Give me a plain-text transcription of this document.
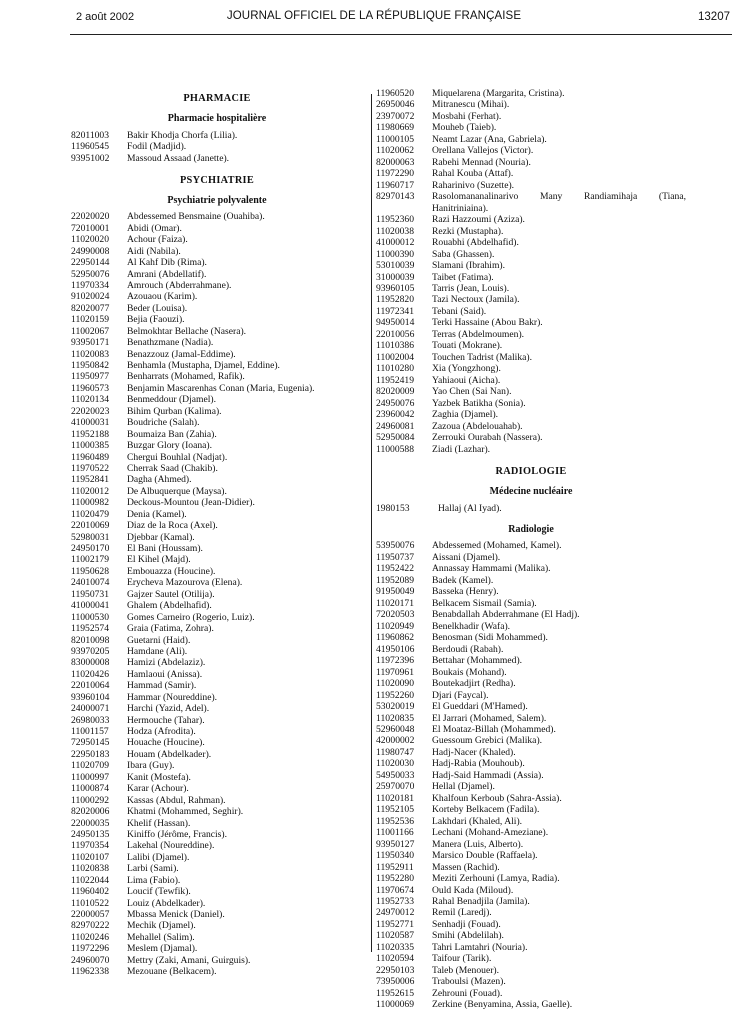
2 août 2002	JOURNAL OFFICIEL DE LA RÉPUBLIQUE FRANÇAISE	13207
PHARMACIE
Pharmacie hospitalière
82011003	Bakir Khodja Chorfa (Lilia).
11960545	Fodil (Madjid).
93951002	Massoud Assaad (Janette).
PSYCHIATRIE
Psychiatrie polyvalente
22020020	Abdessemed Bensmaine (Ouahiba).
72010001	Abidi (Omar).
11020020	Achour (Faiza).
24990008	Aidi (Nabila).
22950144	Al Kahf Dib (Rima).
52950076	Amrani (Abdellatif).
11970334	Amrouch (Abderrahmane).
91020024	Azouaou (Karim).
82020077	Beder (Louisa).
11020159	Bejia (Faouzi).
11002067	Belmokhtar Bellache (Nasera).
93950171	Benathzmane (Nadia).
11020083	Benazzouz (Jamal-Eddime).
11950842	Benhamla (Mustapha, Djamel, Eddine).
11950977	Benharrats (Mohamed, Rafik).
11960573	Benjamin Mascarenhas Conan (Maria, Eugenia).
11020134	Benmeddour (Djamel).
22020023	Bihim Qurban (Kalima).
41000031	Boudriche (Salah).
11952188	Boumaiza Ban (Zahia).
11000385	Buzgar Glory (Ioana).
11960489	Chergui Bouhlal (Nadjat).
11970522	Cherrak Saad (Chakib).
11952841	Dagha (Ahmed).
11020012	De Albuquerque (Maysa).
11000982	Deckous-Mountou (Jean-Didier).
11020479	Denia (Kamel).
22010069	Diaz de la Roca (Axel).
52980031	Djebbar (Kamal).
24950170	El Bani (Houssam).
11002179	El Kihel (Majd).
11950628	Embouazza (Houcine).
24010074	Erycheva Mazourova (Elena).
11950731	Gajzer Sautel (Otilija).
41000041	Ghalem (Abdelhafid).
11000530	Gomes Carneiro (Rogerio, Luiz).
11952574	Graia (Fatima, Zohra).
82010098	Guetarni (Haid).
93970205	Hamdane (Ali).
83000008	Hamizi (Abdelaziz).
11020426	Hamlaoui (Anissa).
22010064	Hammad (Samir).
93960104	Hammar (Noureddine).
24000071	Harchi (Yazid, Adel).
26980033	Hermouche (Tahar).
11001157	Hodza (Afrodita).
72950145	Houache (Houcine).
22950183	Houam (Abdelkader).
11020709	Ibara (Guy).
11000997	Kanit (Mostefa).
11000874	Karar (Achour).
11000292	Kassas (Abdul, Rahman).
82020006	Khatmi (Mohammed, Seghir).
22000035	Khelif (Hassan).
24950135	Kiniffo (Jérôme, Francis).
11970354	Lakehal (Noureddine).
11020107	Lalibi (Djamel).
11020838	Larbi (Sami).
11022044	Lima (Fabio).
11960402	Loucif (Tewfik).
11010522	Louiz (Abdelkader).
22000057	Mbassa Menick (Daniel).
82970222	Mechik (Djamel).
11020246	Mehallel (Salim).
11972296	Meslem (Djamal).
24960070	Mettry (Zaki, Amani, Guirguis).
11962338	Mezouane (Belkacem).
11960520	Miquelarena (Margarita, Cristina).
26950046	Mitranescu (Mihai).
23970072	Mosbahi (Ferhat).
11980669	Mouheb (Taieb).
11000105	Neamt Lazar (Ana, Gabriela).
11020062	Orellana Vallejos (Victor).
82000063	Rabehi Mennad (Nouria).
11972290	Rahal Kouba (Attaf).
11960717	Raharinivo (Suzette).
82970143	Rasolomananalinarivo Many Randiamihaja (Tiana, Hanitriniaina).
11952360	Razi Hazzoumi (Aziza).
11020038	Rezki (Mustapha).
41000012	Rouabhi (Abdelhafid).
11000390	Saba (Ghassen).
53010039	Slamani (Ibrahim).
31000039	Taibet (Fatima).
93960105	Tarris (Jean, Louis).
11952820	Tazi Nectoux (Jamila).
11972341	Tebani (Said).
94950014	Terki Hassaine (Abou Bakr).
22010056	Terras (Abdelmoumen).
11010386	Touati (Mokrane).
11002004	Touchen Tadrist (Malika).
11010280	Xia (Yongzhong).
11952419	Yahiaoui (Aicha).
82020009	Yao Chen (Sai Nan).
24950076	Yazbek Batikha (Sonia).
23960042	Zaghia (Djamel).
24960081	Zazoua (Abdelouahab).
52950084	Zerrouki Ourabah (Nassera).
11000588	Ziadi (Lazhar).
RADIOLOGIE
Médecine nucléaire
1980153	Hallaj (Al Iyad).
Radiologie
53950076	Abdessemed (Mohamed, Kamel).
11950737	Aissani (Djamel).
11952422	Annassay Hammami (Malika).
11952089	Badek (Kamel).
91950049	Basseka (Henry).
11020171	Belkacem Sismail (Samia).
72020503	Benabdallah Abderrahmane (El Hadj).
11020949	Benelkhadir (Wafa).
11960862	Benosman (Sidi Mohammed).
41950106	Berdoudi (Rabah).
11972396	Bettahar (Mohammed).
11970961	Boukais (Mohand).
11020090	Boutekadjirt (Redha).
11952260	Djari (Faycal).
53020019	El Gueddari (M'Hamed).
11020835	El Jarrari (Mohamed, Salem).
52960048	El Moataz-Billah (Mohammed).
42000002	Guessoum Grebici (Malika).
11980747	Hadj-Nacer (Khaled).
11020030	Hadj-Rabia (Mouhoub).
54950033	Hadj-Said Hammadi (Assia).
25970070	Hellal (Djamel).
11020181	Khalfoun Kerboub (Sahra-Assia).
11952105	Korteby Belkacem (Fadila).
11952536	Lakhdari (Khaled, Ali).
11001166	Lechani (Mohand-Ameziane).
93950127	Manera (Luis, Alberto).
11950340	Marsico Double (Raffaela).
11952911	Massen (Rachid).
11952280	Meziti Zerhouni (Lamya, Radia).
11970674	Ould Kada (Miloud).
11952733	Rahal Benadjila (Jamila).
24970012	Remil (Laredj).
11952771	Senhadji (Fouad).
11020587	Smihi (Abdelilah).
11020335	Tahri Lamtahri (Nouria).
11020594	Taifour (Tarik).
22950103	Taleb (Menouer).
73950006	Traboulsi (Mazen).
11952615	Zehrouni (Fouad).
11000069	Zerkine (Benyamina, Assia, Gaelle).
